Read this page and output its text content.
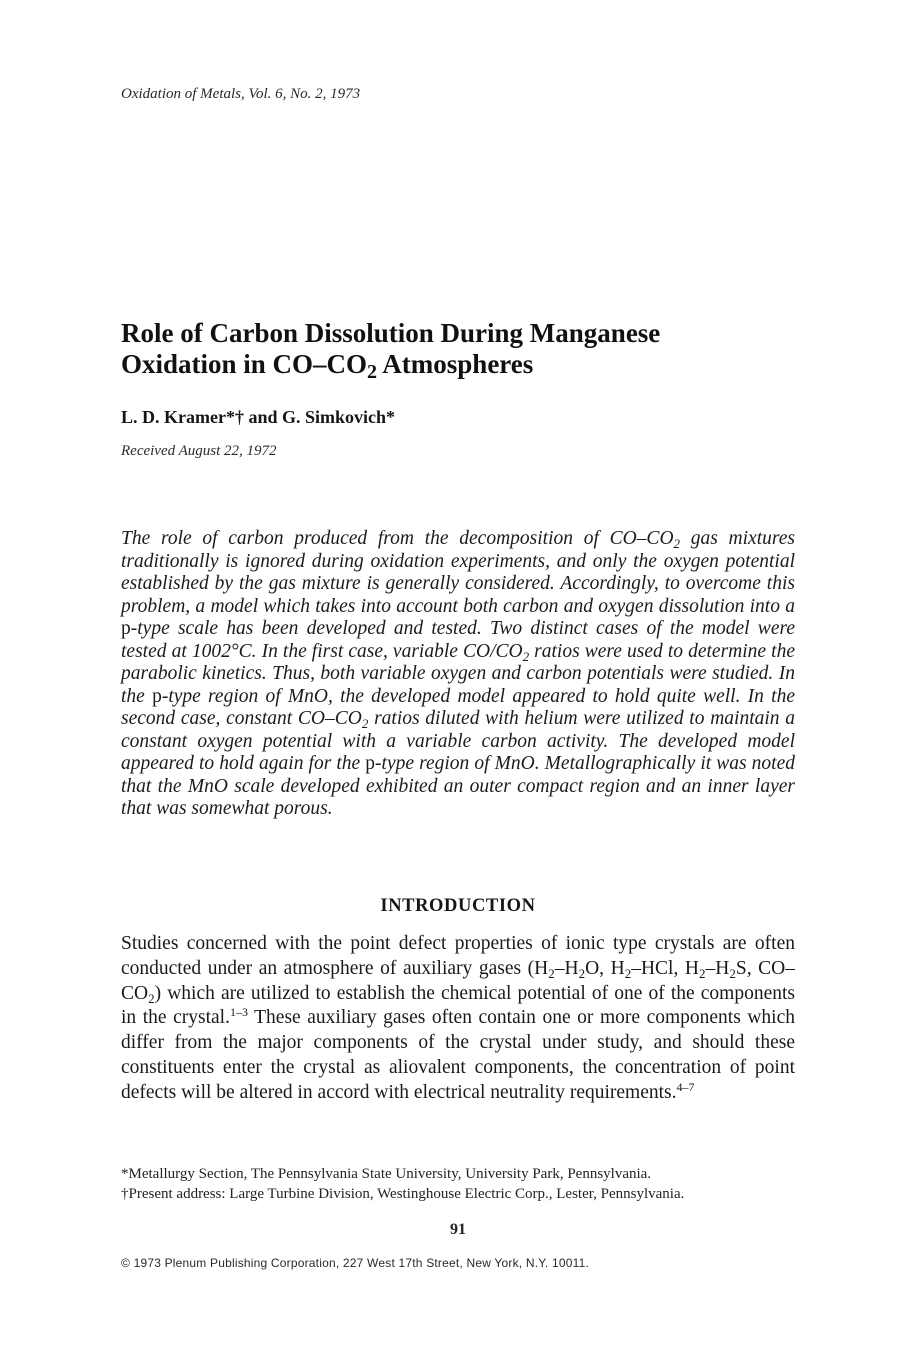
Oxidation of Metals, Vol. 6, No. 2, 1973
Role of Carbon Dissolution During Manganese
Oxidation in $CO-CO_2$ Atmospheres
L. D. Kramer*† and G. Simkovich*
Received August 22, 1972
The role of carbon produced from the decomposition of $CO-CO_2$ gas mixtures traditionally is ignored during oxidation experiments, and only the oxygen potential established by the gas mixture is generally considered. Accordingly, to overcome this problem, a model which takes into account both carbon and oxygen dissolution into a p-type scale has been developed and tested. Two distinct cases of the model were tested at 1002°C. In the first case, variable $CO/CO_2$ ratios were used to determine the parabolic kinetics. Thus, both variable oxygen and carbon potentials were studied. In the p-type region of MnO, the developed model appeared to hold quite well. In the second case, constant $CO-CO_2$ ratios diluted with helium were utilized to maintain a constant oxygen potential with a variable carbon activity. The developed model appeared to hold again for the p-type region of MnO. Metallographically it was noted that the MnO scale developed exhibited an outer compact region and an inner layer that was somewhat porous.
INTRODUCTION
Studies concerned with the point defect properties of ionic type crystals are often conducted under an atmosphere of auxiliary gases ($H_2-H_2O$, $H_2$–HCl, $H_2-H_2S$, $CO-CO_2$) which are utilized to establish the chemical potential of one of the components in the crystal.$^{1-3}$ These auxiliary gases often contain one or more components which differ from the major components of the crystal under study, and should these constituents enter the crystal as aliovalent components, the concentration of point defects will be altered in accord with electrical neutrality requirements.$^{4-7}$
*Metallurgy Section, The Pennsylvania State University, University Park, Pennsylvania.
†Present address: Large Turbine Division, Westinghouse Electric Corp., Lester, Pennsylvania.
91
© 1973 Plenum Publishing Corporation, 227 West 17th Street, New York, N.Y. 10011.
